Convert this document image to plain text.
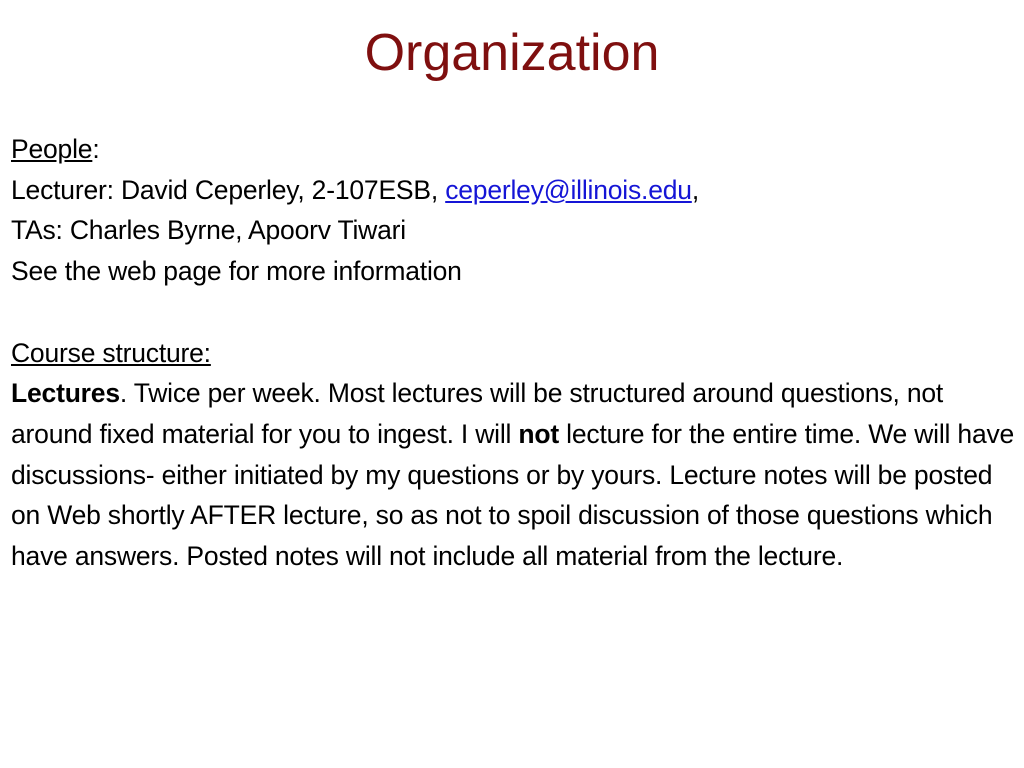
Organization
People:
Lecturer: David Ceperley, 2-107ESB, ceperley@illinois.edu,
TAs: Charles Byrne, Apoorv Tiwari
See the web page for more information
Course structure:
Lectures. Twice per week. Most lectures will be structured around questions, not around fixed material for you to ingest. I will not lecture for the entire time. We will have discussions- either initiated by my questions or by yours. Lecture notes will be posted on Web shortly AFTER lecture, so as not to spoil discussion of those questions which have answers. Posted notes will not include all material from the lecture.
